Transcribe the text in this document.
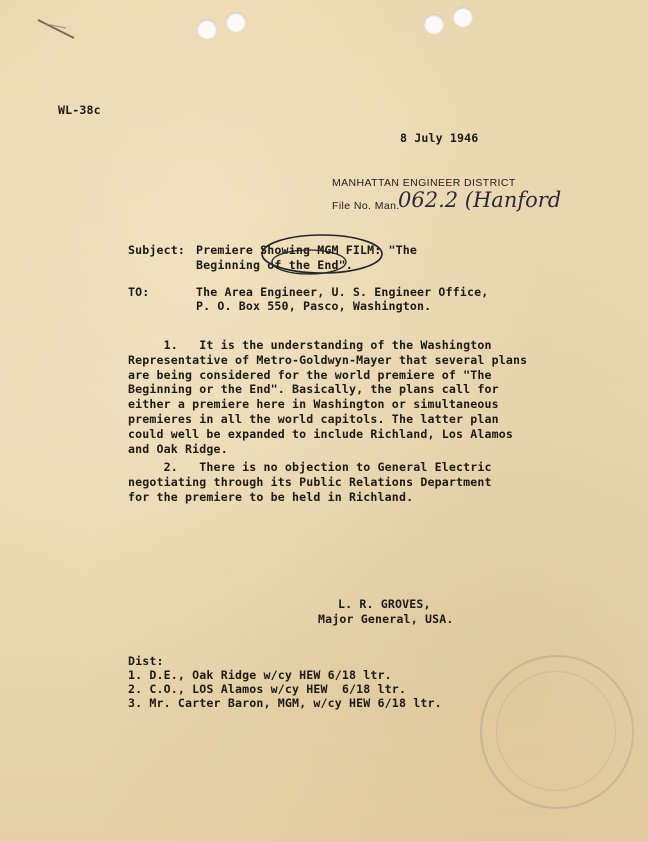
WL-38c
8 July 1946
MANHATTAN ENGINEER DISTRICT
File No. Man.
062.2 (Hanford
Subject: Premiere Showing MGM FILM: "The
Beginning of the End".
TO:	The Area Engineer, U. S. Engineer Office,
P. O. Box 550, Pasco, Washington.

1.   It is the understanding of the Washington

Representative of Metro-Goldwyn-Mayer that several plans

are being considered for the world premiere of "The

Beginning or the End". Basically, the plans call for

either a premiere here in Washington or simultaneous

premieres in all the world capitols. The latter plan

could well be expanded to include Richland, Los Alamos

and Oak Ridge.

2.   There is no objection to General Electric

negotiating through its Public Relations Department

for the premiere to be held in Richland.

L. R. GROVES,
Major General, USA.
Dist:
1. D.E., Oak Ridge w/cy HEW 6/18 ltr.
2. C.O., LOS Alamos w/cy HEW  6/18 ltr.
3. Mr. Carter Baron, MGM, w/cy HEW 6/18 ltr.
